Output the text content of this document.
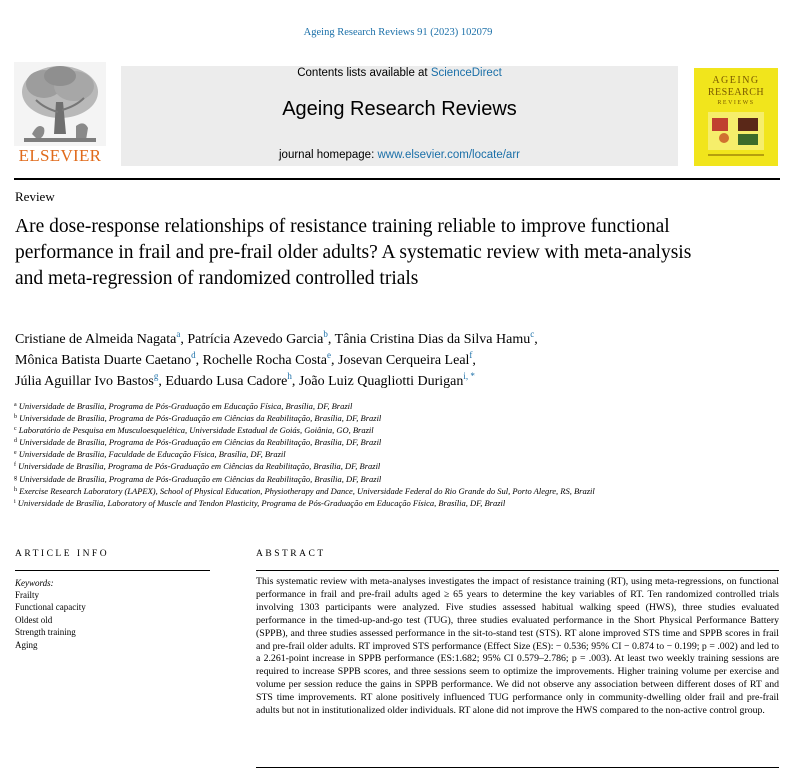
Ageing Research Reviews 91 (2023) 102079
ELSEVIER
Contents lists available at ScienceDirect
Ageing Research Reviews
journal homepage: www.elsevier.com/locate/arr
AGEING
RESEARCH
REVIEWS
Review
Are dose-response relationships of resistance training reliable to improve functional performance in frail and pre-frail older adults? A systematic review with meta-analysis and meta-regression of randomized controlled trials
Cristiane de Almeida Nagata$^a$, Patrícia Azevedo Garcia$^b$, Tânia Cristina Dias da Silva Hamu$^c$,
Mônica Batista Duarte Caetano$^d$, Rochelle Rocha Costa$^e$, Josevan Cerqueira Leal$^f$,
Júlia Aguillar Ivo Bastos$^g$, Eduardo Lusa Cadore$^h$, João Luiz Quagliotti Durigan$^{i, *}$
$^a$ Universidade de Brasília, Programa de Pós-Graduação em Educação Física, Brasília, DF, Brazil
$^b$ Universidade de Brasília, Programa de Pós-Graduação em Ciências da Reabilitação, Brasília, DF, Brazil
$^c$ Laboratório de Pesquisa em Musculoesquelética, Universidade Estadual de Goiás, Goiânia, GO, Brazil
$^d$ Universidade de Brasília, Programa de Pós-Graduação em Ciências da Reabilitação, Brasília, DF, Brazil
$^e$ Universidade de Brasília, Faculdade de Educação Física, Brasília, DF, Brazil
$^f$ Universidade de Brasília, Programa de Pós-Graduação em Ciências da Reabilitação, Brasília, DF, Brazil
$^g$ Universidade de Brasília, Programa de Pós-Graduação em Ciências da Reabilitação, Brasília, DF, Brazil
$^h$ Exercise Research Laboratory (LAPEX), School of Physical Education, Physiotherapy and Dance, Universidade Federal do Rio Grande do Sul, Porto Alegre, RS, Brazil
$^i$ Universidade de Brasília, Laboratory of Muscle and Tendon Plasticity, Programa de Pós-Graduação em Educação Física, Brasília, DF, Brazil
ARTICLE INFO	ABSTRACT
Keywords:
Frailty
Functional capacity
Oldest old
Strength training
Aging
This systematic review with meta-analyses investigates the impact of resistance training (RT), using meta-regressions, on functional performance in frail and pre-frail adults aged ≥ 65 years to determine the key variables of RT. Ten randomized controlled trials involving 1303 participants were analyzed. Five studies assessed habitual walking speed (HWS), three studies evaluated performance in the timed-up-and-go test (TUG), three studies evaluated performance in the Short Physical Performance Battery (SPPB), and three studies assessed performance in the sit-to-stand test (STS). RT alone improved STS time and SPPB scores in frail and pre-frail older adults. RT improved STS performance (Effect Size (ES): − 0.536; 95% CI − 0.874 to − 0.199; p = .002) and led to a 2.261-point increase in SPPB performance (ES:1.682; 95% CI 0.579–2.786; p = .003). At least two weekly training sessions are required to increase SPPB scores, and three sessions seem to optimize the improvements. Higher training volume per exercise and volume per session reduce the gains in SPPB performance. We did not observe any association between different doses of RT and STS time improvements. RT alone positively influenced TUG performance only in community-dwelling older frail and pre-frail adults but not in institutionalized older individuals. RT alone did not improve the HWS compared to the non-active control group.
